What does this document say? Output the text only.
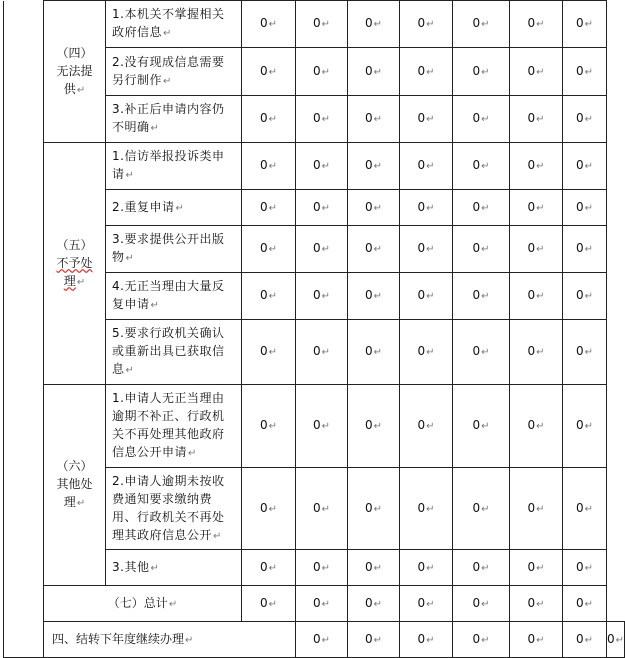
	（四）
无法提
供↵	1.本机关不掌握相关政府信息↵	0↵	0↵	0↵	0↵	0↵	0↵	0↵	
		2.没有现成信息需要另行制作↵	0↵	0↵	0↵	0↵	0↵	0↵	0↵	
		3.补正后申请内容仍不明确↵	0↵	0↵	0↵	0↵	0↵	0↵	0↵	

	（五）
不予处
理↵	1.信访举报投诉类申请↵	0↵	0↵	0↵	0↵	0↵	0↵	0↵	
		2.重复申请↵	0↵	0↵	0↵	0↵	0↵	0↵	0↵	
		3.要求提供公开出版物↵	0↵	0↵	0↵	0↵	0↵	0↵	0↵	
		4.无正当理由大量反复申请↵	0↵	0↵	0↵	0↵	0↵	0↵	0↵	
		5.要求行政机关确认或重新出具已获取信息↵	0↵	0↵	0↵	0↵	0↵	0↵	0↵	

	（六）
其他处
理↵	1.申请人无正当理由逾期不补正、行政机关不再处理其他政府信息公开申请↵	0↵	0↵	0↵	0↵	0↵	0↵	0↵	
		2.申请人逾期未按收费通知要求缴纳费用、行政机关不再处理其政府信息公开↵	0↵	0↵	0↵	0↵	0↵	0↵	0↵	
		3.其他↵	0↵	0↵	0↵	0↵	0↵	0↵	0↵	
	（七）总计↵		0↵	0↵	0↵	0↵	0↵	0↵	0↵	
	四、结转下年度继续办理↵			0↵	0↵	0↵	0↵	0↵	0↵	0↵
